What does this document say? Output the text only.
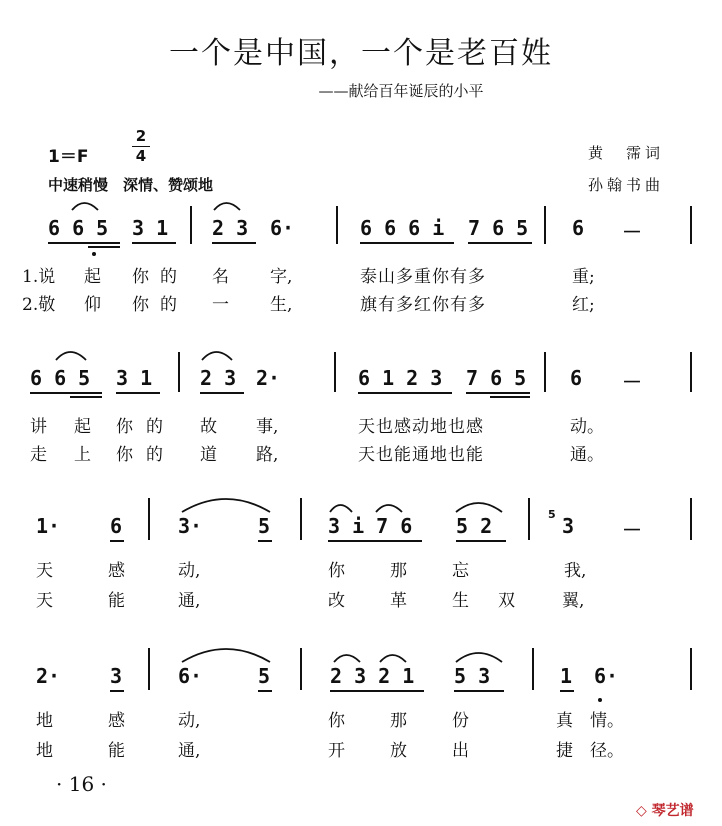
一个是中国，一个是老百姓
——献给百年诞辰的小平
1＝F
2
4
中速稍慢　深情、赞颂地
黄　霈词
孙翰书曲
6 6 5 3 1 2 3 6·	6 6 6 i 7 6 5 6 －
1.说 起 你 的 名 字,	泰山多重你有多	重;
2.敬 仰 你 的 一 生,	旗有多红你有多	红;
6 6 5 3 1 2 3 2·	6 1 2 3 7 6 5 6 －
讲 起 你 的 故 事,	天也感动地也感	动。
走 上 你 的 道 路,	天也能通地也能	通。
1· 6	3·	5	3 i 7 6 5 2	5 3 －
天	感	动,	你	那	忘	我,
天	能	通,	改	革	生 双	翼,
2· 3	6·	5	2 3 2 1 5 3	1 6·
地	感	动,	你	那	份	真 情。
地	能	通,	开	放	出	捷 径。
· 16 ·
◇ 琴艺谱
